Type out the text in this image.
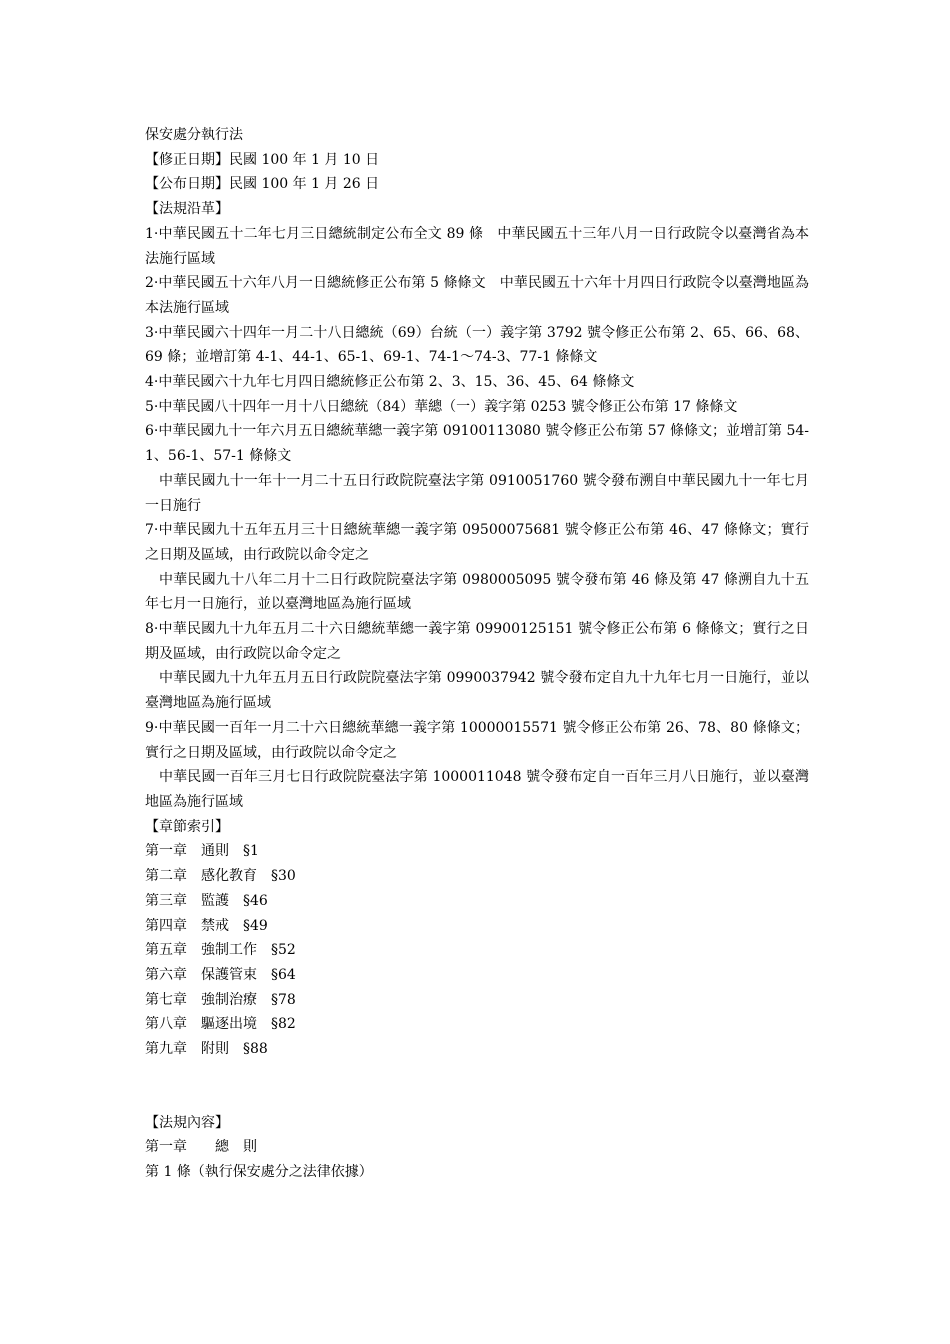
保安處分執行法
【修正日期】民國 100 年 1 月 10 日
【公布日期】民國 100 年 1 月 26 日
【法規沿革】
1·中華民國五十二年七月三日總統制定公布全文 89 條　中華民國五十三年八月一日行政院令以臺灣省為本法施行區域
2·中華民國五十六年八月一日總統修正公布第 5 條條文　中華民國五十六年十月四日行政院令以臺灣地區為本法施行區域
3·中華民國六十四年一月二十八日總統（69）台統（一）義字第 3792 號令修正公布第 2、65、66、68、69 條；並增訂第 4-1、44-1、65-1、69-1、74-1～74-3、77-1 條條文
4·中華民國六十九年七月四日總統修正公布第 2、3、15、36、45、64 條條文
5·中華民國八十四年一月十八日總統（84）華總（一）義字第 0253 號令修正公布第 17 條條文
6·中華民國九十一年六月五日總統華總一義字第 09100113080 號令修正公布第 57 條條文；並增訂第 54-1、56-1、57-1 條條文
中華民國九十一年十一月二十五日行政院院臺法字第 0910051760 號令發布溯自中華民國九十一年七月一日施行
7·中華民國九十五年五月三十日總統華總一義字第 09500075681 號令修正公布第 46、47 條條文；實行之日期及區域，由行政院以命令定之
中華民國九十八年二月十二日行政院院臺法字第 0980005095 號令發布第 46 條及第 47 條溯自九十五年七月一日施行，並以臺灣地區為施行區域
8·中華民國九十九年五月二十六日總統華總一義字第 09900125151 號令修正公布第 6 條條文；實行之日期及區域，由行政院以命令定之
中華民國九十九年五月五日行政院院臺法字第 0990037942 號令發布定自九十九年七月一日施行，並以臺灣地區為施行區域
9·中華民國一百年一月二十六日總統華總一義字第 10000015571 號令修正公布第 26、78、80 條條文；實行之日期及區域，由行政院以命令定之
中華民國一百年三月七日行政院院臺法字第 1000011048 號令發布定自一百年三月八日施行，並以臺灣地區為施行區域
【章節索引】
第一章　通則　§1
第二章　感化教育　§30
第三章　監護　§46
第四章　禁戒　§49
第五章　強制工作　§52
第六章　保護管束　§64
第七章　強制治療　§78
第八章　驅逐出境　§82
第九章　附則　§88
【法規內容】
第一章　　總　則
第 1 條（執行保安處分之法律依據）
